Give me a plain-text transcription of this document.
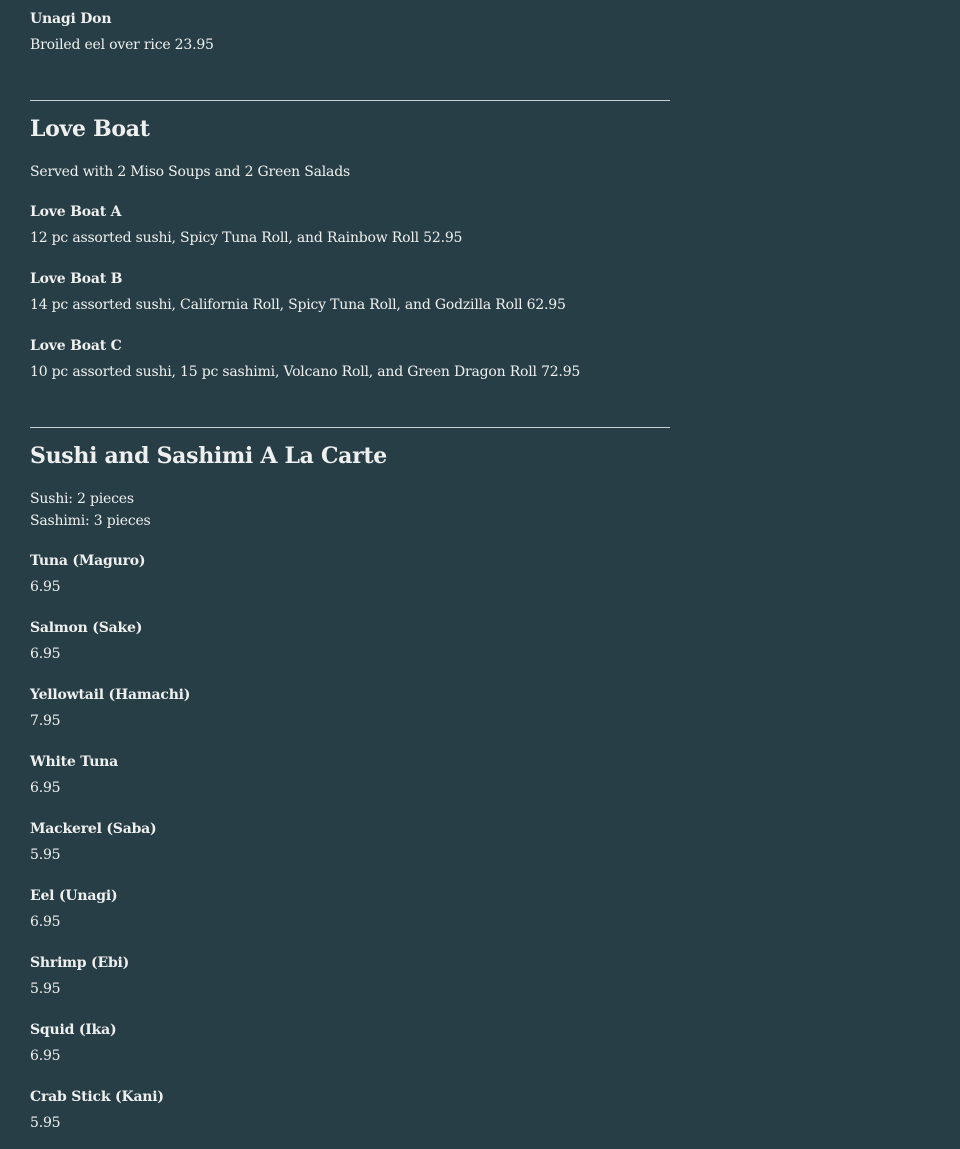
Unagi Don

Broiled eel over rice 23.95

Love Boat

Served with 2 Miso Soups and 2 Green Salads

Love Boat A

12 pc assorted sushi, Spicy Tuna Roll, and Rainbow Roll 52.95

Love Boat B

14 pc assorted sushi, California Roll, Spicy Tuna Roll, and Godzilla Roll 62.95

Love Boat C

10 pc assorted sushi, 15 pc sashimi, Volcano Roll, and Green Dragon Roll 72.95

Sushi and Sashimi A La Carte

Sushi: 2 pieces

Sashimi: 3 pieces

Tuna (Maguro)

6.95

Salmon (Sake)

6.95

Yellowtail (Hamachi)

7.95

White Tuna

6.95

Mackerel (Saba)

5.95

Eel (Unagi)

6.95

Shrimp (Ebi)

5.95

Squid (Ika)

6.95

Crab Stick (Kani)

5.95
